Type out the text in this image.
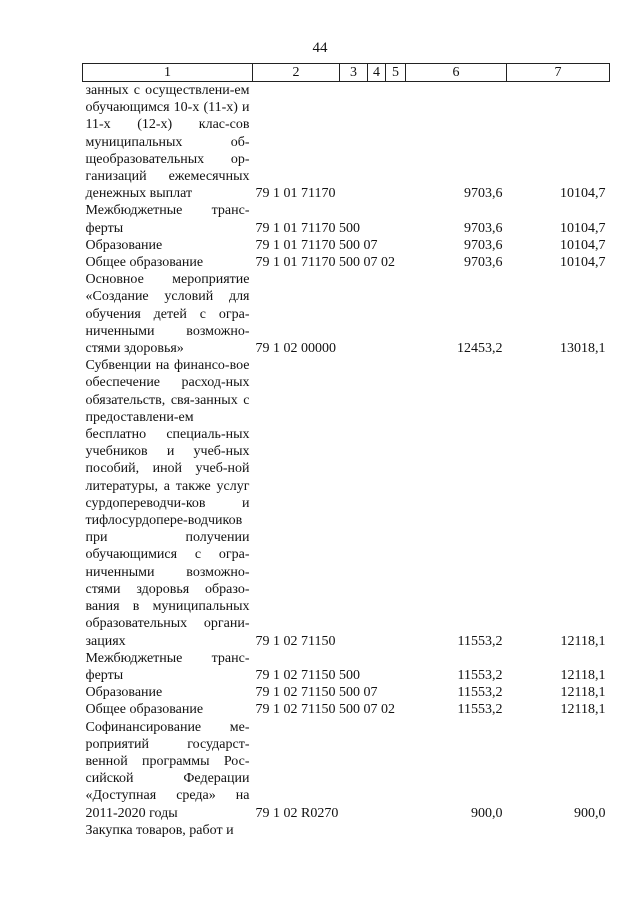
44
1	2	3	4	5	6	7
занных с осуществлени-ем обучающимся 10-х (11-х) и 11-х (12-х) клас-сов муниципальных об-щеобразовательных ор-ганизаций ежемесячных денежных выплат	79 1 01 71170				9703,6	10104,7
Межбюджетные транс-ферты	79 1 01 71170 500				9703,6	10104,7
Образование	79 1 01 71170 500 07				9703,6	10104,7
Общее образование	79 1 01 71170 500 07 02				9703,6	10104,7
Основное мероприятие «Создание условий для обучения детей с огра-ниченными возможно-стями здоровья»	79 1 02 00000				12453,2	13018,1
Субвенции на финансо-вое обеспечение расход-ных обязательств, свя-занных с предоставлени-ем бесплатно специаль-ных учебников и учеб-ных пособий, иной учеб-ной литературы, а также услуг сурдопереводчи-ков и тифлосурдопере-водчиков при получении обучающимися с огра-ниченными возможно-стями здоровья образо-вания в муниципальных образовательных органи-зациях	79 1 02 71150				11553,2	12118,1
Межбюджетные транс-ферты	79 1 02 71150 500				11553,2	12118,1
Образование	79 1 02 71150 500 07				11553,2	12118,1
Общее образование	79 1 02 71150 500 07 02				11553,2	12118,1
Софинансирование ме-роприятий государст-венной программы Рос-сийской Федерации «Доступная среда» на 2011-2020 годы	79 1 02 R0270				900,0	900,0
Закупка товаров, работ и						
